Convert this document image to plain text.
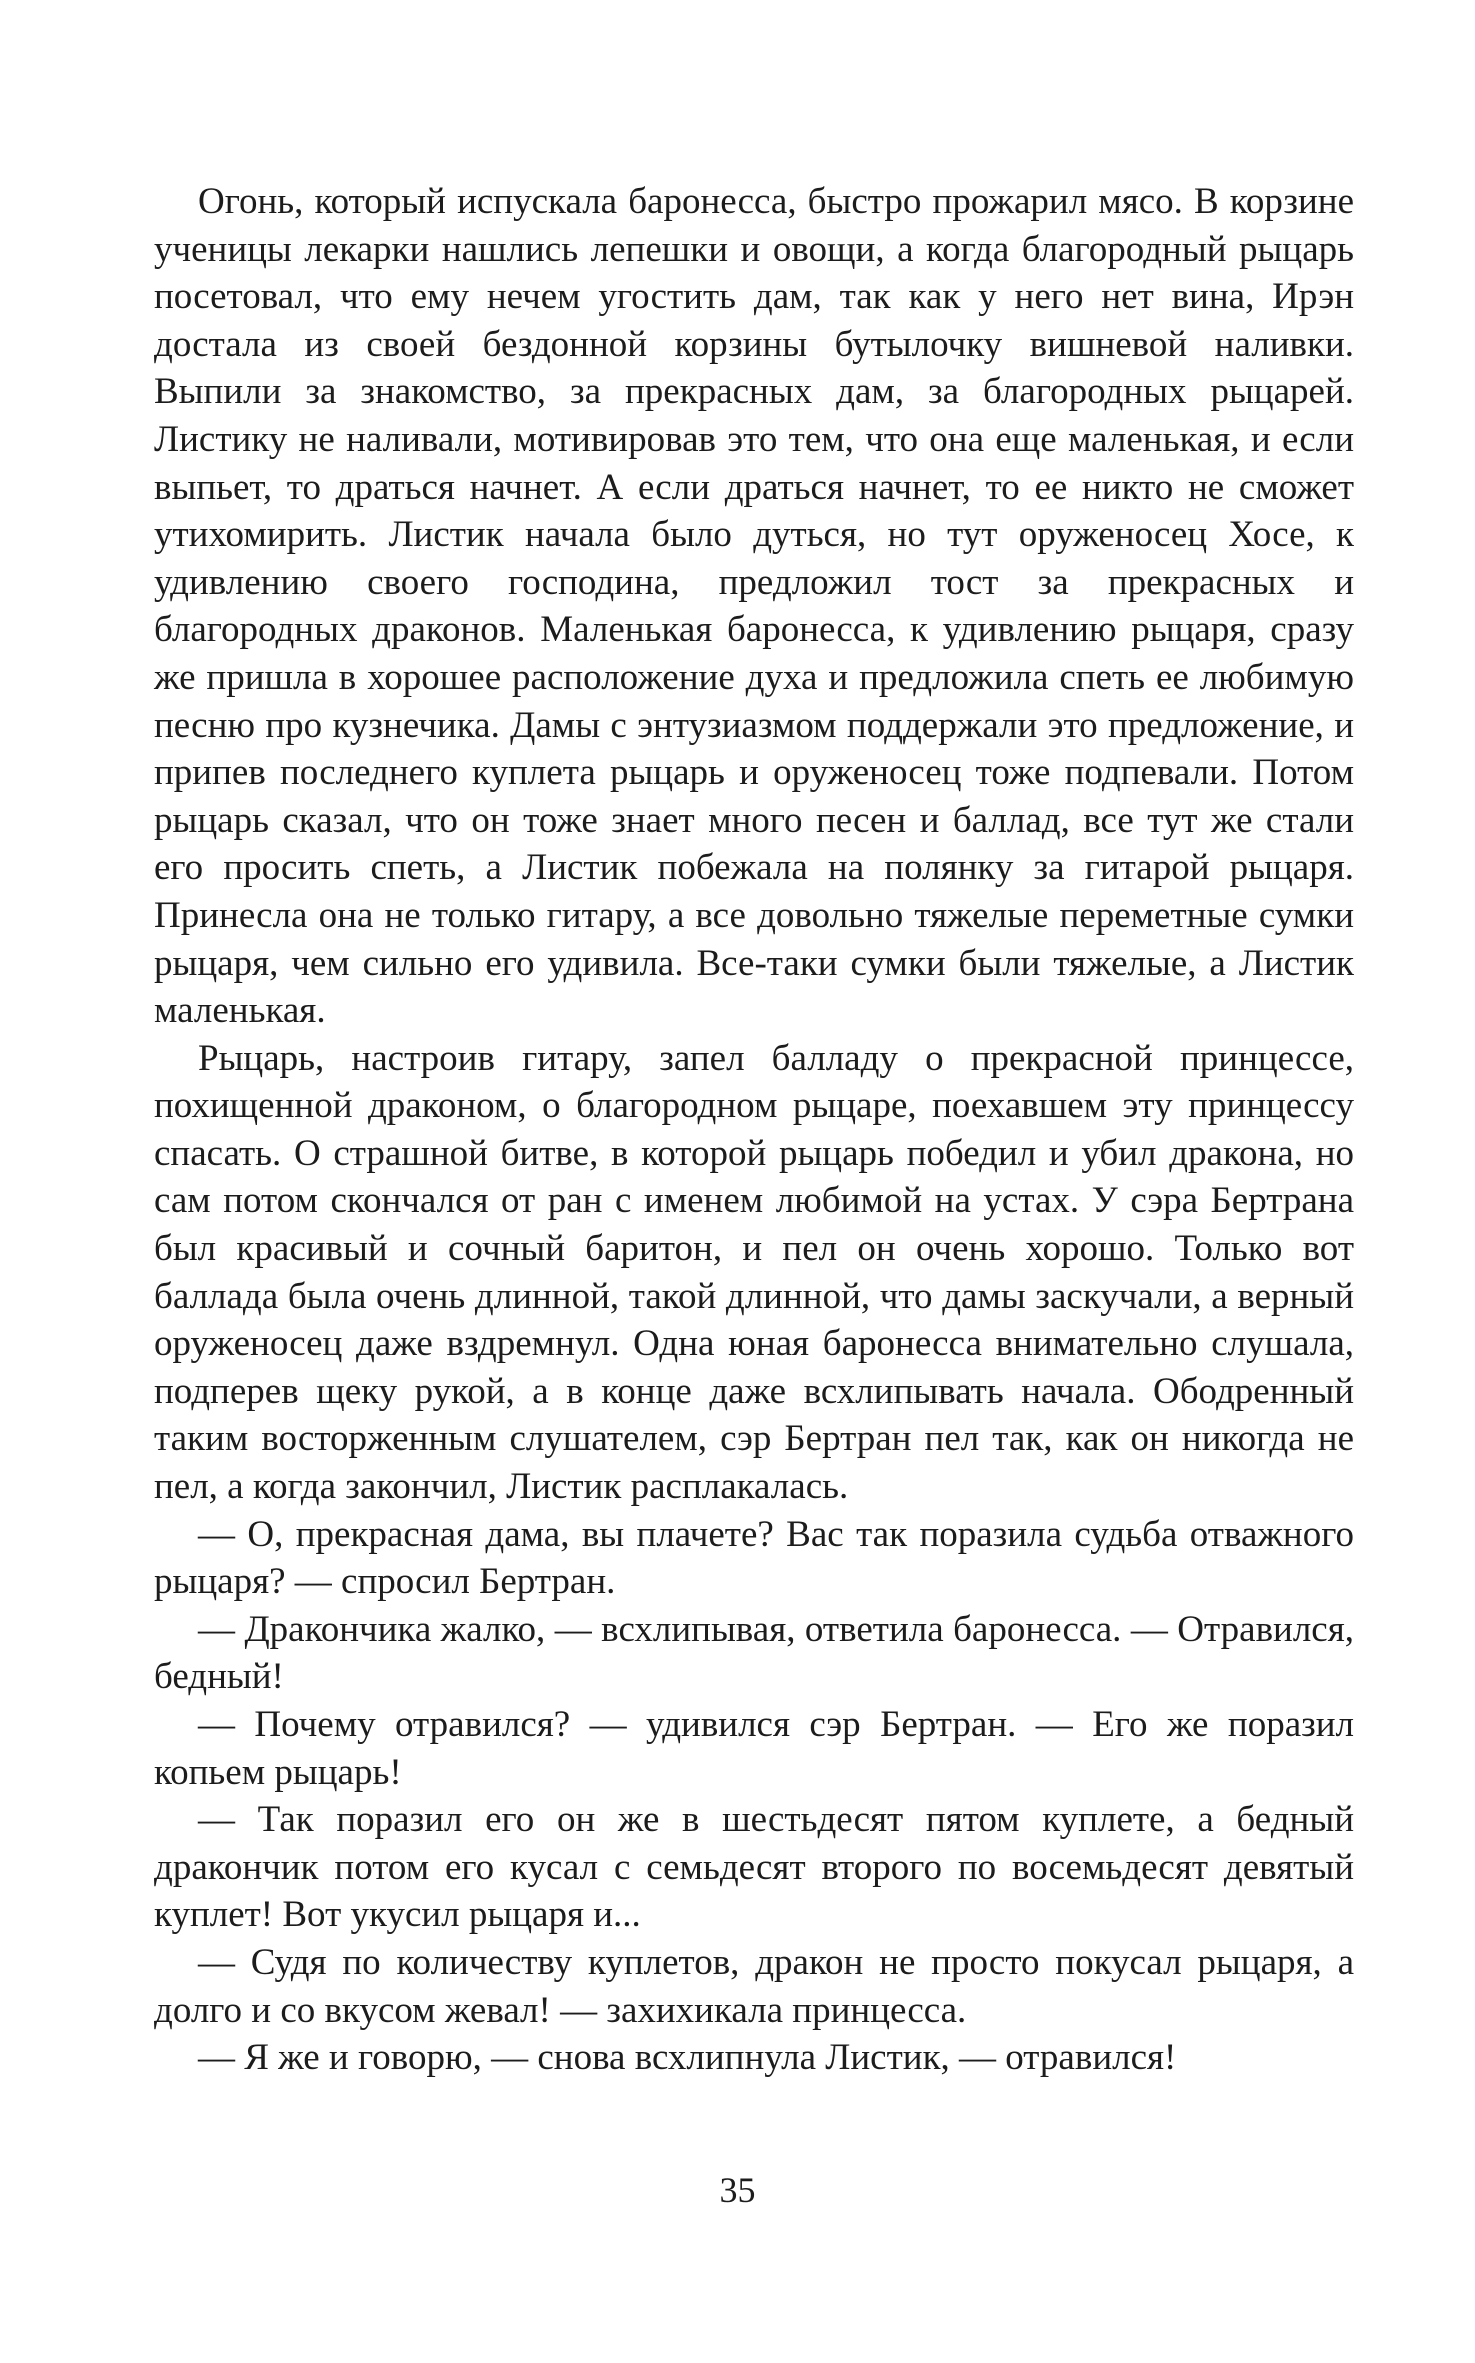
Огонь, который испускала баронесса, быстро прожарил мясо. В корзине ученицы лекарки нашлись лепешки и овощи, а когда благородный рыцарь посетовал, что ему нечем угостить дам, так как у него нет вина, Ирэн достала из своей бездонной корзины бутылочку вишневой наливки. Выпили за знакомство, за прекрасных дам, за благородных рыцарей. Листику не наливали, мотивировав это тем, что она еще маленькая, и если выпьет, то драться начнет. А если драться начнет, то ее никто не сможет утихомирить. Листик начала было дуться, но тут оруженосец Хосе, к удивлению своего господина, предложил тост за прекрасных и благородных драконов. Маленькая баронесса, к удивлению рыцаря, сразу же пришла в хорошее расположение духа и предложила спеть ее любимую песню про кузнечика. Дамы с энтузиазмом поддержали это предложение, и припев последнего куплета рыцарь и оруженосец тоже подпевали. Потом рыцарь сказал, что он тоже знает много песен и баллад, все тут же стали его просить спеть, а Листик побежала на полянку за гитарой рыцаря. Принесла она не только гитару, а все довольно тяжелые переметные сумки рыцаря, чем сильно его удивила. Все-таки сумки были тяжелые, а Листик маленькая.

Рыцарь, настроив гитару, запел балладу о прекрасной принцессе, похищенной драконом, о благородном рыцаре, поехавшем эту принцессу спасать. О страшной битве, в которой рыцарь победил и убил дракона, но сам потом скончался от ран с именем любимой на устах. У сэра Бертрана был красивый и сочный баритон, и пел он очень хорошо. Только вот баллада была очень длинной, такой длинной, что дамы заскучали, а верный оруженосец даже вздремнул. Одна юная баронесса внимательно слушала, подперев щеку рукой, а в конце даже всхлипывать начала. Ободренный таким восторженным слушателем, сэр Бертран пел так, как он никогда не пел, а когда закончил, Листик расплакалась.

— О, прекрасная дама, вы плачете? Вас так поразила судьба отважного рыцаря? — спросил Бертран.

— Дракончика жалко, — всхлипывая, ответила баронесса. — Отравился, бедный!

— Почему отравился? — удивился сэр Бертран. — Его же поразил копьем рыцарь!

— Так поразил его он же в шестьдесят пятом куплете, а бедный дракончик потом его кусал с семьдесят второго по восемьдесят девятый куплет! Вот укусил рыцаря и...

— Судя по количеству куплетов, дракон не просто покусал рыцаря, а долго и со вкусом жевал! — захихикала принцесса.

— Я же и говорю, — снова всхлипнула Листик, — отравился!

35
